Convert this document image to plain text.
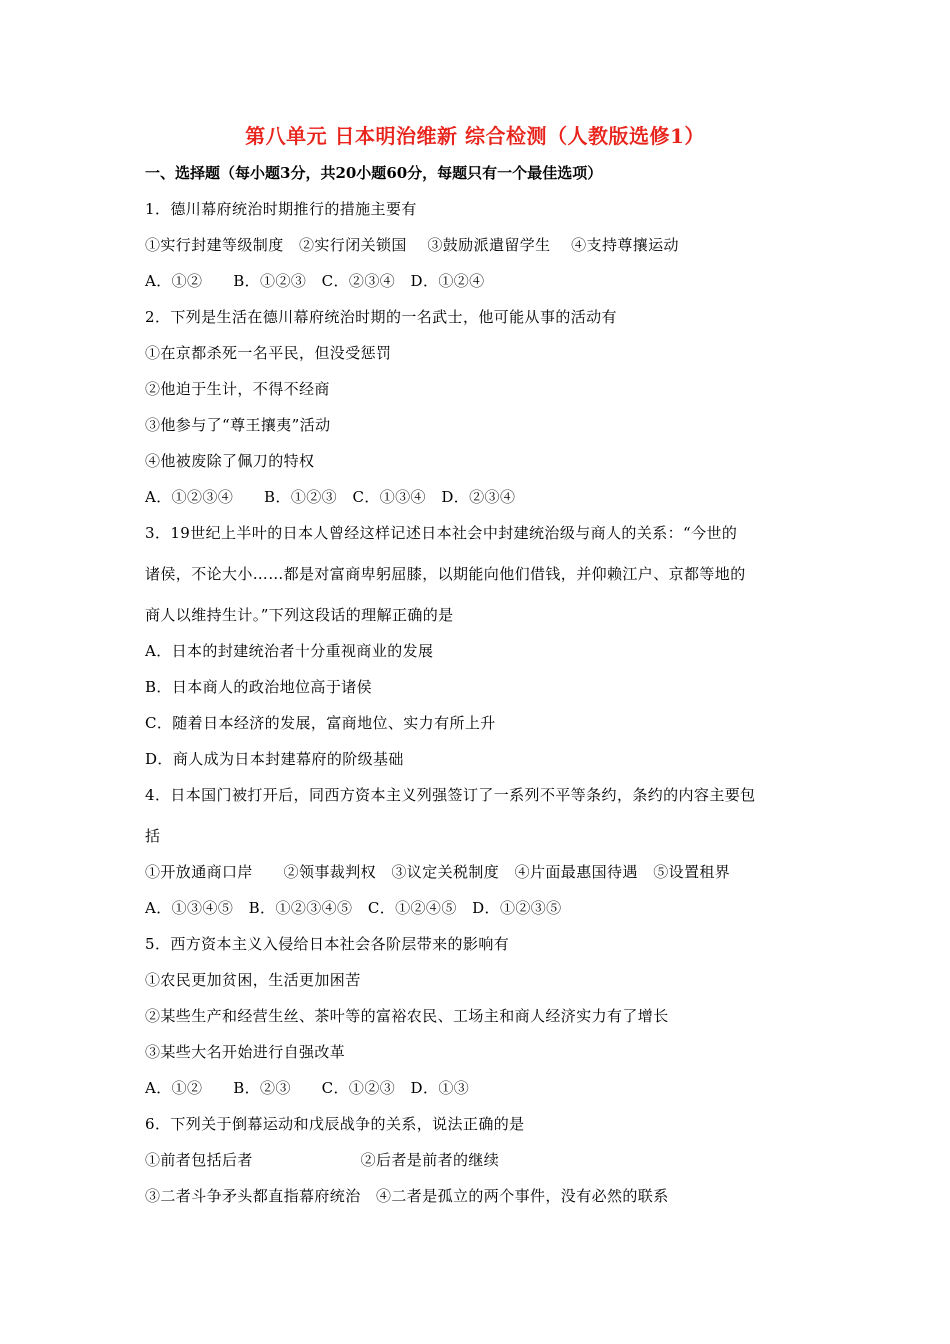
第八单元 日本明治维新 综合检测（人教版选修1）
一、选择题（每小题3分，共20小题60分，每题只有一个最佳选项）
1．德川幕府统治时期推行的措施主要有
①实行封建等级制度　②实行闭关锁国　 ③鼓励派遣留学生　 ④支持尊攘运动
A．①②　　B．①②③　C．②③④　D．①②④
2．下列是生活在德川幕府统治时期的一名武士，他可能从事的活动有
①在京都杀死一名平民，但没受惩罚
②他迫于生计，不得不经商
③他参与了“尊王攘夷”活动
④他被废除了佩刀的特权
A．①②③④　　B．①②③　C．①③④　D．②③④
3．19世纪上半叶的日本人曾经这样记述日本社会中封建统治级与商人的关系：“今世的
诸侯，不论大小……都是对富商卑躬屈膝，以期能向他们借钱，并仰赖江户、京都等地的
商人以维持生计。”下列这段话的理解正确的是
A．日本的封建统治者十分重视商业的发展
B．日本商人的政治地位高于诸侯
C．随着日本经济的发展，富商地位、实力有所上升
D．商人成为日本封建幕府的阶级基础
4．日本国门被打开后，同西方资本主义列强签订了一系列不平等条约，条约的内容主要包
括
①开放通商口岸　　②领事裁判权　③议定关税制度　④片面最惠国待遇　⑤设置租界
A．①③④⑤　B．①②③④⑤　C．①②④⑤　D．①②③⑤
5．西方资本主义入侵给日本社会各阶层带来的影响有
①农民更加贫困，生活更加困苦
②某些生产和经营生丝、茶叶等的富裕农民、工场主和商人经济实力有了增长
③某些大名开始进行自强改革
A．①②　　B．②③　　C．①②③　D．①③
6．下列关于倒幕运动和戊辰战争的关系，说法正确的是
①前者包括后者　　　　　　　②后者是前者的继续
③二者斗争矛头都直指幕府统治　④二者是孤立的两个事件，没有必然的联系
